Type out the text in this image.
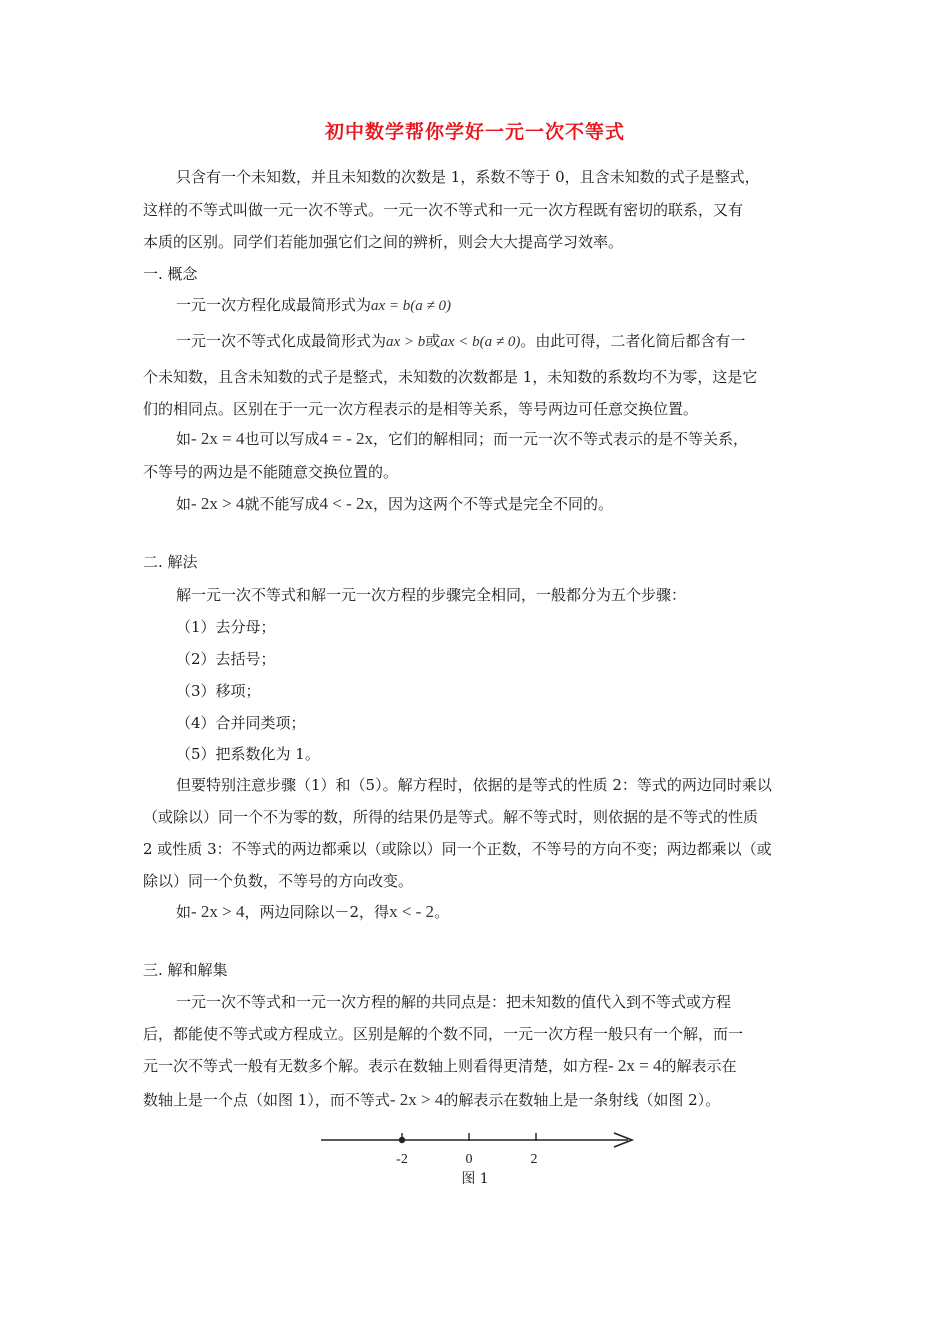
初中数学帮你学好一元一次不等式
只含有一个未知数，并且未知数的次数是 1，系数不等于 0，且含未知数的式子是整式，
这样的不等式叫做一元一次不等式。一元一次不等式和一元一次方程既有密切的联系，又有
本质的区别。同学们若能加强它们之间的辨析，则会大大提高学习效率。
一. 概念
一元一次方程化成最简形式为ax = b(a ≠ 0)
一元一次不等式化成最简形式为ax > b或ax < b(a ≠ 0)。由此可得，二者化简后都含有一
个未知数，且含未知数的式子是整式，未知数的次数都是 1，未知数的系数均不为零，这是它
们的相同点。区别在于一元一次方程表示的是相等关系，等号两边可任意交换位置。
如- 2x = 4也可以写成4 = - 2x，它们的解相同；而一元一次不等式表示的是不等关系，
不等号的两边是不能随意交换位置的。
如- 2x > 4就不能写成4 < - 2x，因为这两个不等式是完全不同的。
二. 解法
解一元一次不等式和解一元一次方程的步骤完全相同，一般都分为五个步骤：
（1）去分母；
（2）去括号；
（3）移项；
（4）合并同类项；
（5）把系数化为 1。
但要特别注意步骤（1）和（5）。解方程时，依据的是等式的性质 2：等式的两边同时乘以
（或除以）同一个不为零的数，所得的结果仍是等式。解不等式时，则依据的是不等式的性质
2 或性质 3：不等式的两边都乘以（或除以）同一个正数，不等号的方向不变；两边都乘以（或
除以）同一个负数，不等号的方向改变。
如- 2x > 4，两边同除以－2，得x < - 2。
三. 解和解集
一元一次不等式和一元一次方程的解的共同点是：把未知数的值代入到不等式或方程
后，都能使不等式或方程成立。区别是解的个数不同，一元一次方程一般只有一个解，而一
元一次不等式一般有无数多个解。表示在数轴上则看得更清楚，如方程- 2x = 4的解表示在
数轴上是一个点（如图 1），而不等式- 2x > 4的解表示在数轴上是一条射线（如图 2）。
-2	0	2
图 1
